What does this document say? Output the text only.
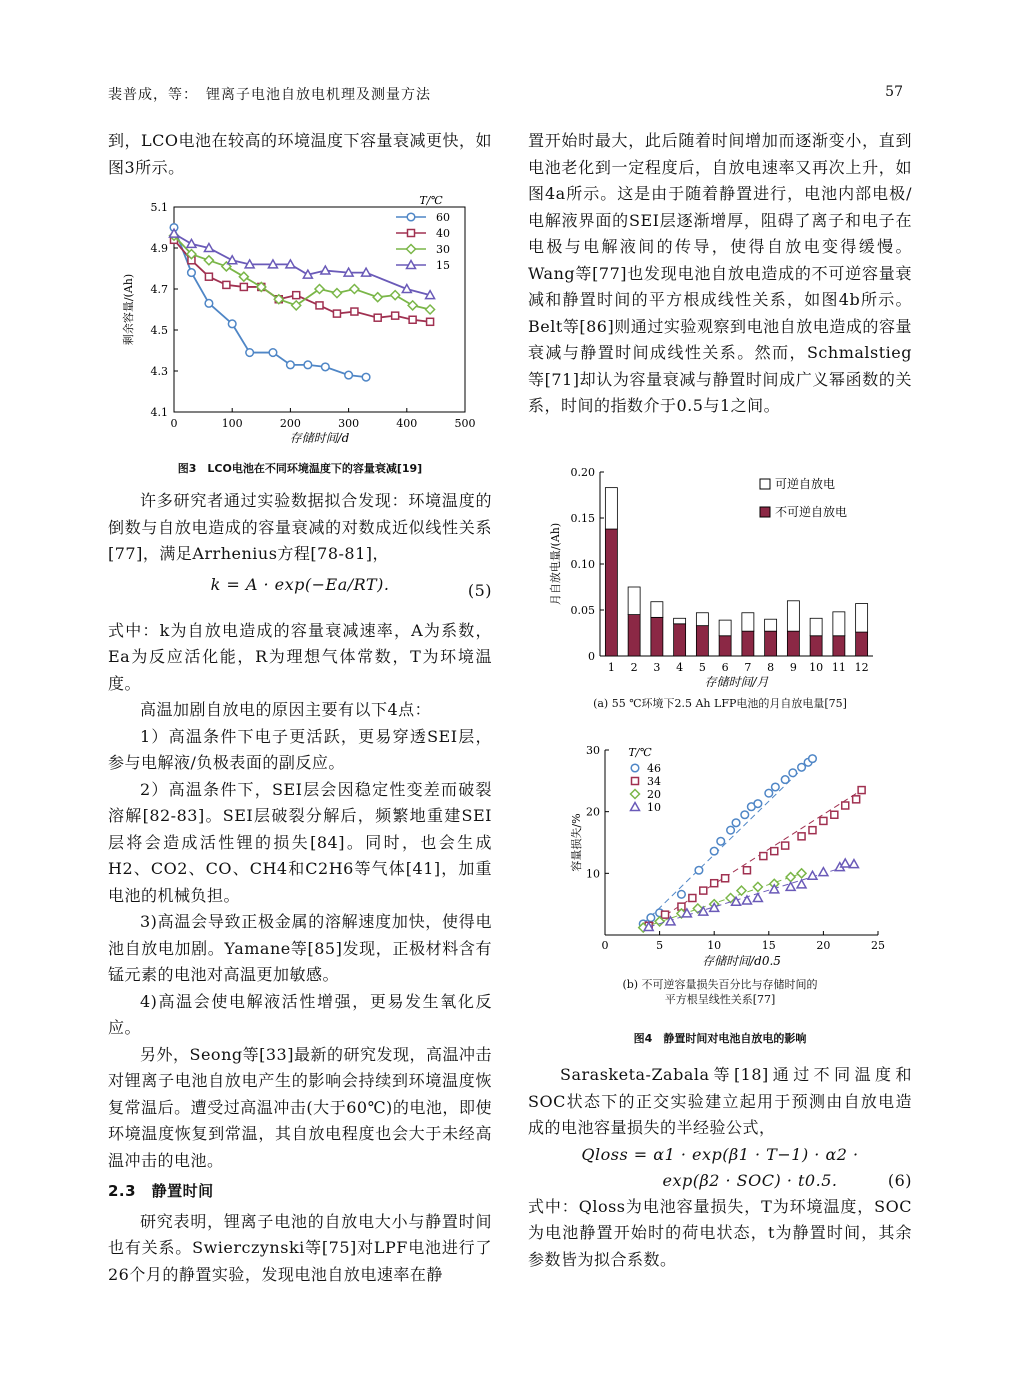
裴普成，等：　锂离子电池自放电机理及测量方法	57

到，LCO电池在较高的环境温度下容量衰减更快，如图3所示。

0	100	200	300	400	500
4.1
4.3
4.5
4.7
4.9
5.1
存储时间/d
剩余容量/(Ah)
T/℃
60
40
30
15
图3　LCO电池在不同环境温度下的容量衰减[19]

许多研究者通过实验数据拟合发现：环境温度的倒数与自放电造成的容量衰减的对数成近似线性关系[77]，满足Arrhenius方程[78-81]，

k = A · exp(−Ea/RT).	(5)

式中：k为自放电造成的容量衰减速率，A为系数，Ea为反应活化能，R为理想气体常数，T为环境温度。

高温加剧自放电的原因主要有以下4点：

1）高温条件下电子更活跃，更易穿透SEI层，参与电解液/负极表面的副反应。

2）高温条件下，SEI层会因稳定性变差而破裂溶解[82-83]。SEI层破裂分解后，频繁地重建SEI层将会造成活性锂的损失[84]。同时，也会生成H2、CO2、CO、CH4和C2H6等气体[41]，加重电池的机械负担。

3)高温会导致正极金属的溶解速度加快，使得电池自放电加剧。Yamane等[85]发现，正极材料含有锰元素的电池对高温更加敏感。

4)高温会使电解液活性增强，更易发生氧化反应。

另外，Seong等[33]最新的研究发现，高温冲击对锂离子电池自放电产生的影响会持续到环境温度恢复常温后。遭受过高温冲击(大于60℃)的电池，即使环境温度恢复到常温，其自放电程度也会大于未经高温冲击的电池。

2.3　静置时间

研究表明，锂离子电池的自放电大小与静置时间也有关系。Swierczynski等[75]对LPF电池进行了26个月的静置实验，发现电池自放电速率在静

置开始时最大，此后随着时间增加而逐渐变小，直到电池老化到一定程度后，自放电速率又再次上升，如图4a所示。这是由于随着静置进行，电池内部电极/电解液界面的SEI层逐渐增厚，阻碍了离子和电子在电极与电解液间的传导，使得自放电变得缓慢。Wang等[77]也发现电池自放电造成的不可逆容量衰减和静置时间的平方根成线性关系，如图4b所示。Belt等[86]则通过实验观察到电池自放电造成的容量衰减与静置时间成线性关系。然而，Schmalstieg等[71]却认为容量衰减与静置时间成广义幂函数的关系，时间的指数介于0.5与1之间。

0
0.05
0.10
0.15
0.20
1 2 3 4 5 6 7 8 9 10 11 12
存储时间/月
月自放电量/(Ah)
可逆自放电
不可逆自放电
(a) 55 ℃环境下2.5 Ah LFP电池的月自放电量[75]
0	5	10	15	20	25
10
20
30
存储时间/d0.5
容量损失/%
T/℃
46
34
20
10
(b) 不可逆容量损失百分比与存储时间的
平方根呈线性关系[77]
图4　静置时间对电池自放电的影响

Sarasketa-Zabala等[18]通过不同温度和SOC状态下的正交实验建立起用于预测由自放电造成的电池容量损失的半经验公式，

Qloss = α1 · exp(β1 · T−1) · α2 ·
exp(β2 · SOC) · t0.5.	(6)

式中：Qloss为电池容量损失，T为环境温度，SOC为电池静置开始时的荷电状态，t为静置时间，其余参数皆为拟合系数。
